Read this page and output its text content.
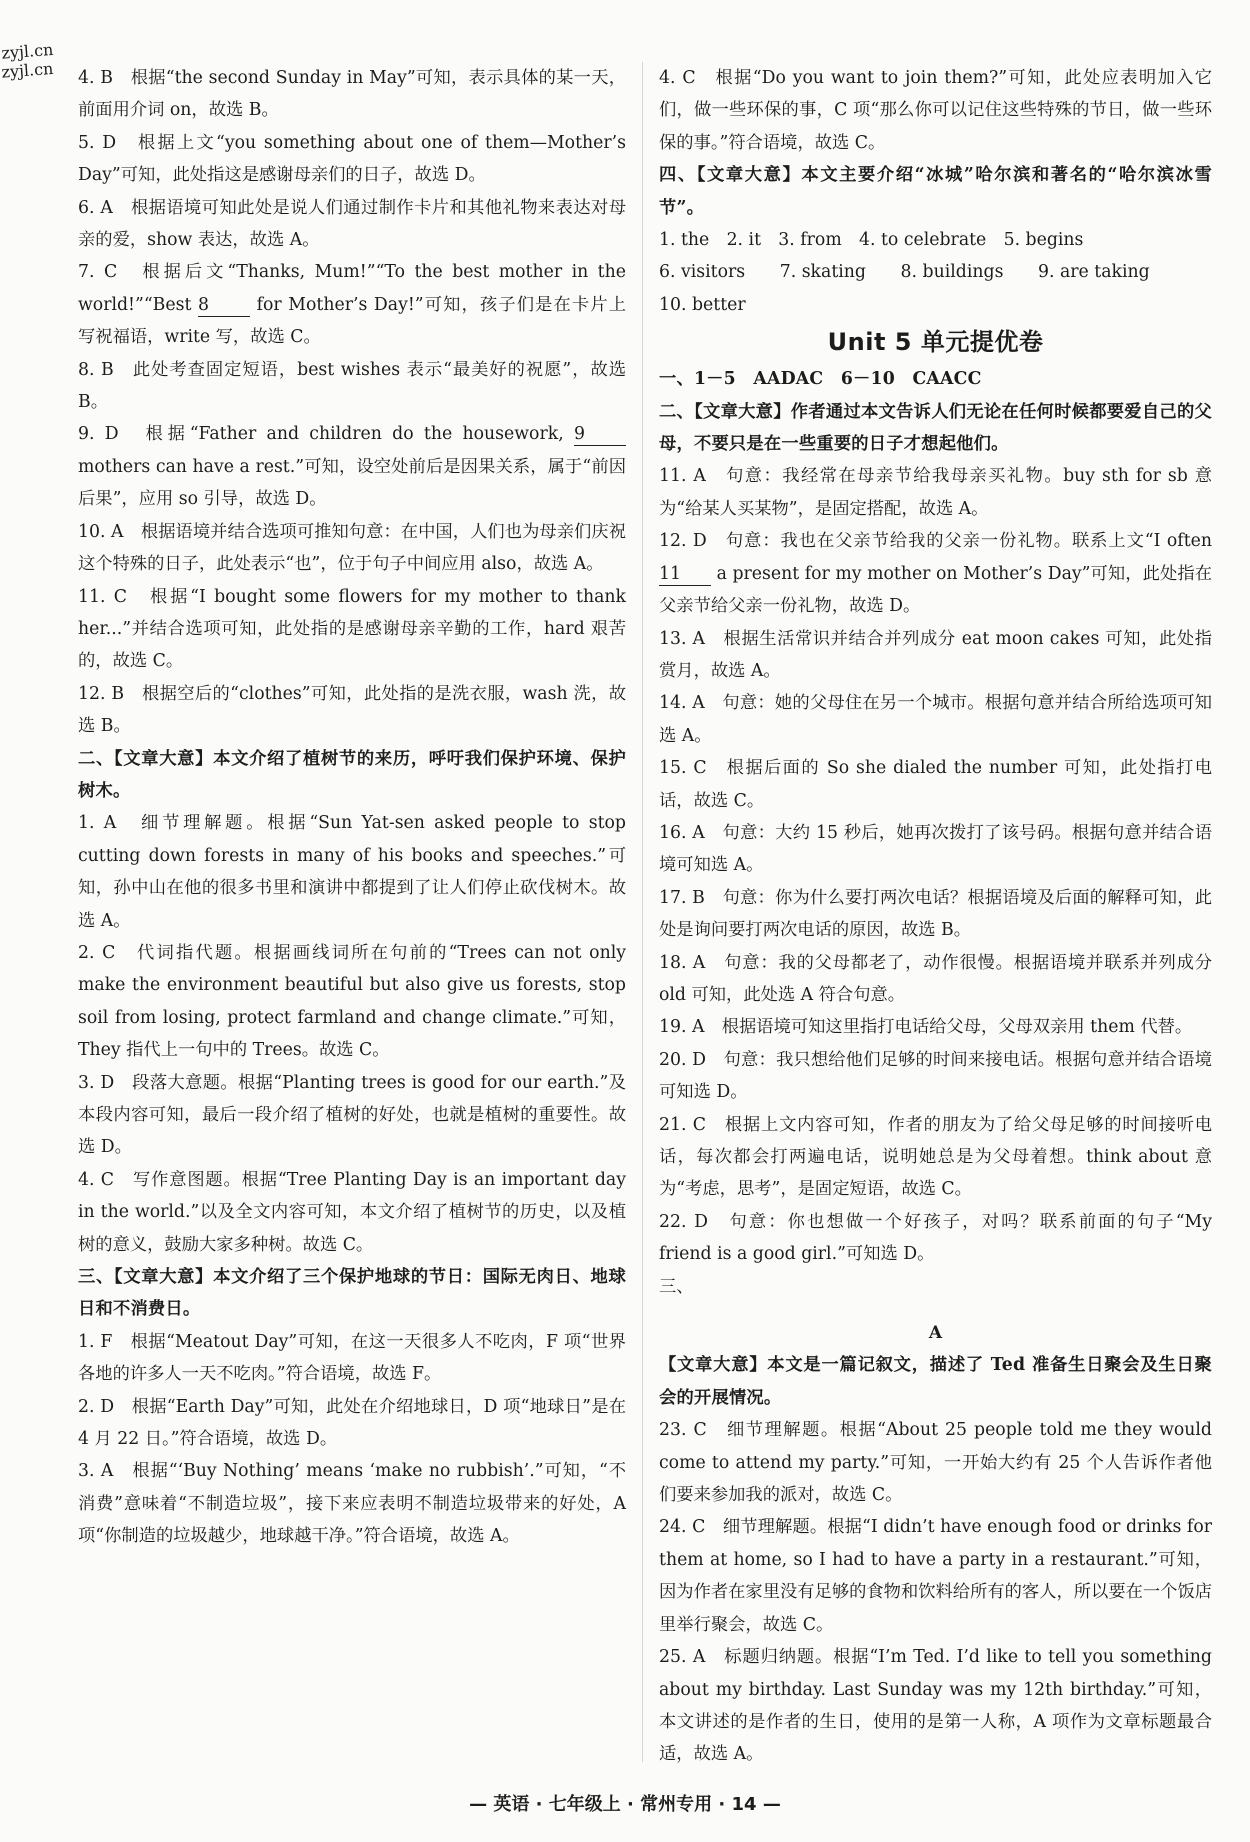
4. B　根据“the second Sunday in May”可知，表示具体的某一天，前面用介词 on，故选 B。

5. D　根据上文“you something about one of them—Mother’s Day”可知，此处指这是感谢母亲们的日子，故选 D。

6. A　根据语境可知此处是说人们通过制作卡片和其他礼物来表达对母亲的爱，show 表达，故选 A。

7. C　根据后文“Thanks, Mum!”“To the best mother in the world!”“Best 8 for Mother’s Day!”可知，孩子们是在卡片上写祝福语，write 写，故选 C。

8. B　此处考查固定短语，best wishes 表示“最美好的祝愿”，故选 B。

9. D　根据“Father and children do the housework, 9 mothers can have a rest.”可知，设空处前后是因果关系，属于“前因后果”，应用 so 引导，故选 D。

10. A　根据语境并结合选项可推知句意：在中国，人们也为母亲们庆祝这个特殊的日子，此处表示“也”，位于句子中间应用 also，故选 A。

11. C　根据“I bought some flowers for my mother to thank her...”并结合选项可知，此处指的是感谢母亲辛勤的工作，hard 艰苦的，故选 C。

12. B　根据空后的“clothes”可知，此处指的是洗衣服，wash 洗，故选 B。

二、【文章大意】本文介绍了植树节的来历，呼吁我们保护环境、保护树木。

1. A　细节理解题。根据“Sun Yat-sen asked people to stop cutting down forests in many of his books and speeches.”可知，孙中山在他的很多书里和演讲中都提到了让人们停止砍伐树木。故选 A。

2. C　代词指代题。根据画线词所在句前的“Trees can not only make the environment beautiful but also give us forests, stop soil from losing, protect farmland and change climate.”可知，They 指代上一句中的 Trees。故选 C。

3. D　段落大意题。根据“Planting trees is good for our earth.”及本段内容可知，最后一段介绍了植树的好处，也就是植树的重要性。故选 D。

4. C　写作意图题。根据“Tree Planting Day is an important day in the world.”以及全文内容可知，本文介绍了植树节的历史，以及植树的意义，鼓励大家多种树。故选 C。

三、【文章大意】本文介绍了三个保护地球的节日：国际无肉日、地球日和不消费日。

1. F　根据“Meatout Day”可知，在这一天很多人不吃肉，F 项“世界各地的许多人一天不吃肉。”符合语境，故选 F。

2. D　根据“Earth Day”可知，此处在介绍地球日，D 项“地球日”是在 4 月 22 日。”符合语境，故选 D。

3. A　根据“‘Buy Nothing’ means ‘make no rubbish’.”可知，“不消费”意味着“不制造垃圾”，接下来应表明不制造垃圾带来的好处，A 项“你制造的垃圾越少，地球越干净。”符合语境，故选 A。

4. C　根据“Do you want to join them?”可知，此处应表明加入它们，做一些环保的事，C 项“那么你可以记住这些特殊的节日，做一些环保的事。”符合语境，故选 C。

四、【文章大意】本文主要介绍“冰城”哈尔滨和著名的“哈尔滨冰雪节”。

1. the　2. it　3. from　4. to celebrate　5. begins

6. visitors　　7. skating　　8. buildings　　9. are taking

10. better

Unit 5 单元提优卷

一、1－5　AADAC　6－10　CAACC

二、【文章大意】作者通过本文告诉人们无论在任何时候都要爱自己的父母，不要只是在一些重要的日子才想起他们。

11. A　句意：我经常在母亲节给我母亲买礼物。buy sth for sb 意为“给某人买某物”，是固定搭配，故选 A。

12. D　句意：我也在父亲节给我的父亲一份礼物。联系上文“I often 11 a present for my mother on Mother’s Day”可知，此处指在父亲节给父亲一份礼物，故选 D。

13. A　根据生活常识并结合并列成分 eat moon cakes 可知，此处指赏月，故选 A。

14. A　句意：她的父母住在另一个城市。根据句意并结合所给选项可知选 A。

15. C　根据后面的 So she dialed the number 可知，此处指打电话，故选 C。

16. A　句意：大约 15 秒后，她再次拨打了该号码。根据句意并结合语境可知选 A。

17. B　句意：你为什么要打两次电话？根据语境及后面的解释可知，此处是询问要打两次电话的原因，故选 B。

18. A　句意：我的父母都老了，动作很慢。根据语境并联系并列成分 old 可知，此处选 A 符合句意。

19. A　根据语境可知这里指打电话给父母，父母双亲用 them 代替。

20. D　句意：我只想给他们足够的时间来接电话。根据句意并结合语境可知选 D。

21. C　根据上文内容可知，作者的朋友为了给父母足够的时间接听电话，每次都会打两遍电话，说明她总是为父母着想。think about 意为“考虑，思考”，是固定短语，故选 C。

22. D　句意：你也想做一个好孩子，对吗？联系前面的句子“My friend is a good girl.”可知选 D。

三、

A

【文章大意】本文是一篇记叙文，描述了 Ted 准备生日聚会及生日聚会的开展情况。

23. C　细节理解题。根据“About 25 people told me they would come to attend my party.”可知，一开始大约有 25 个人告诉作者他们要来参加我的派对，故选 C。

24. C　细节理解题。根据“I didn’t have enough food or drinks for them at home, so I had to have a party in a restaurant.”可知，因为作者在家里没有足够的食物和饮料给所有的客人，所以要在一个饭店里举行聚会，故选 C。

25. A　标题归纳题。根据“I’m Ted. I’d like to tell you something about my birthday. Last Sunday was my 12th birthday.”可知，本文讲述的是作者的生日，使用的是第一人称，A 项作为文章标题最合适，故选 A。

zyjl.cn
zyjl.cn
— 英语 · 七年级上 · 常州专用 · 14 —
